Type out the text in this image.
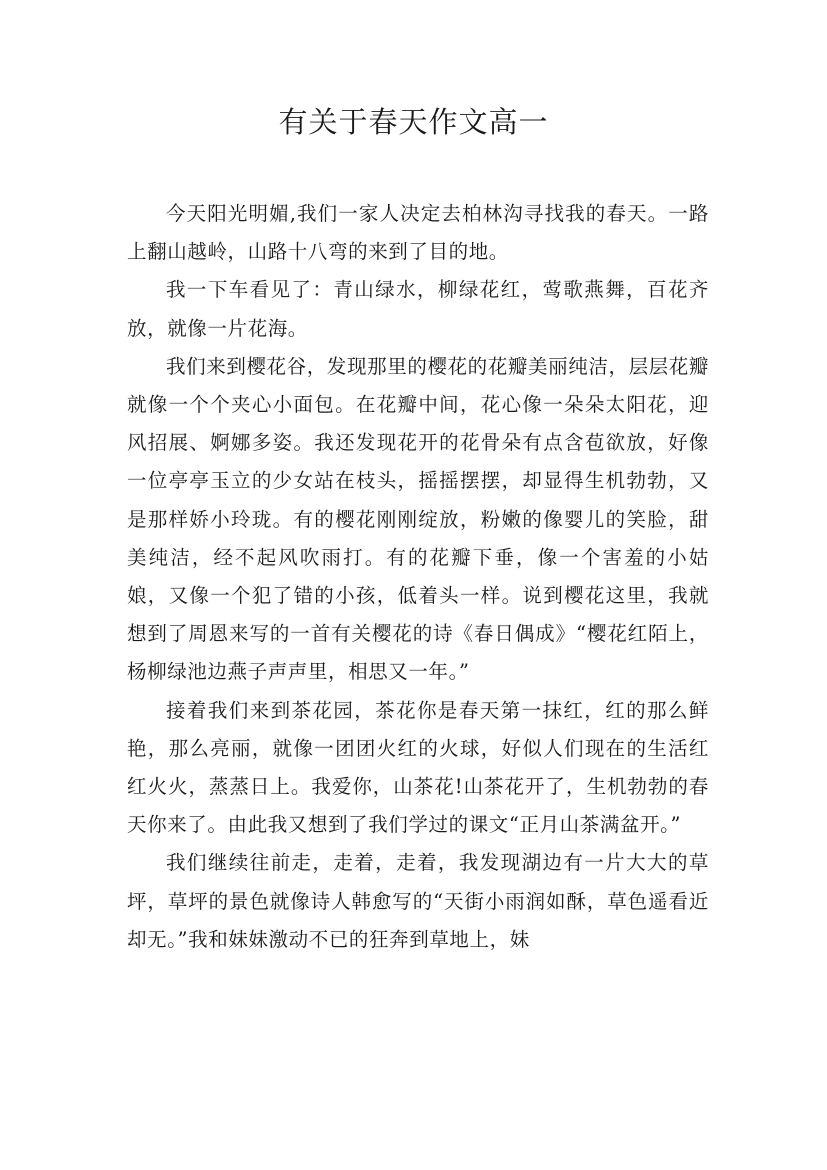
有关于春天作文高一

今天阳光明媚,我们一家人决定去柏林沟寻找我的春天。一路上翻山越岭，山路十八弯的来到了目的地。

我一下车看见了：青山绿水，柳绿花红，莺歌燕舞，百花齐放，就像一片花海。

我们来到樱花谷，发现那里的樱花的花瓣美丽纯洁，层层花瓣就像一个个夹心小面包。在花瓣中间，花心像一朵朵太阳花，迎风招展、婀娜多姿。我还发现花开的花骨朵有点含苞欲放，好像一位亭亭玉立的少女站在枝头，摇摇摆摆，却显得生机勃勃，又是那样娇小玲珑。有的樱花刚刚绽放，粉嫩的像婴儿的笑脸，甜美纯洁，经不起风吹雨打。有的花瓣下垂，像一个害羞的小姑娘，又像一个犯了错的小孩，低着头一样。说到樱花这里，我就想到了周恩来写的一首有关樱花的诗《春日偶成》“樱花红陌上，杨柳绿池边燕子声声里，相思又一年。”

接着我们来到茶花园，茶花你是春天第一抹红，红的那么鲜艳，那么亮丽，就像一团团火红的火球，好似人们现在的生活红红火火，蒸蒸日上。我爱你，山茶花!山茶花开了，生机勃勃的春天你来了。由此我又想到了我们学过的课文“正月山茶满盆开。”

我们继续往前走，走着，走着，我发现湖边有一片大大的草坪，草坪的景色就像诗人韩愈写的“天街小雨润如酥，草色遥看近却无。”我和妹妹激动不已的狂奔到草地上，妹
